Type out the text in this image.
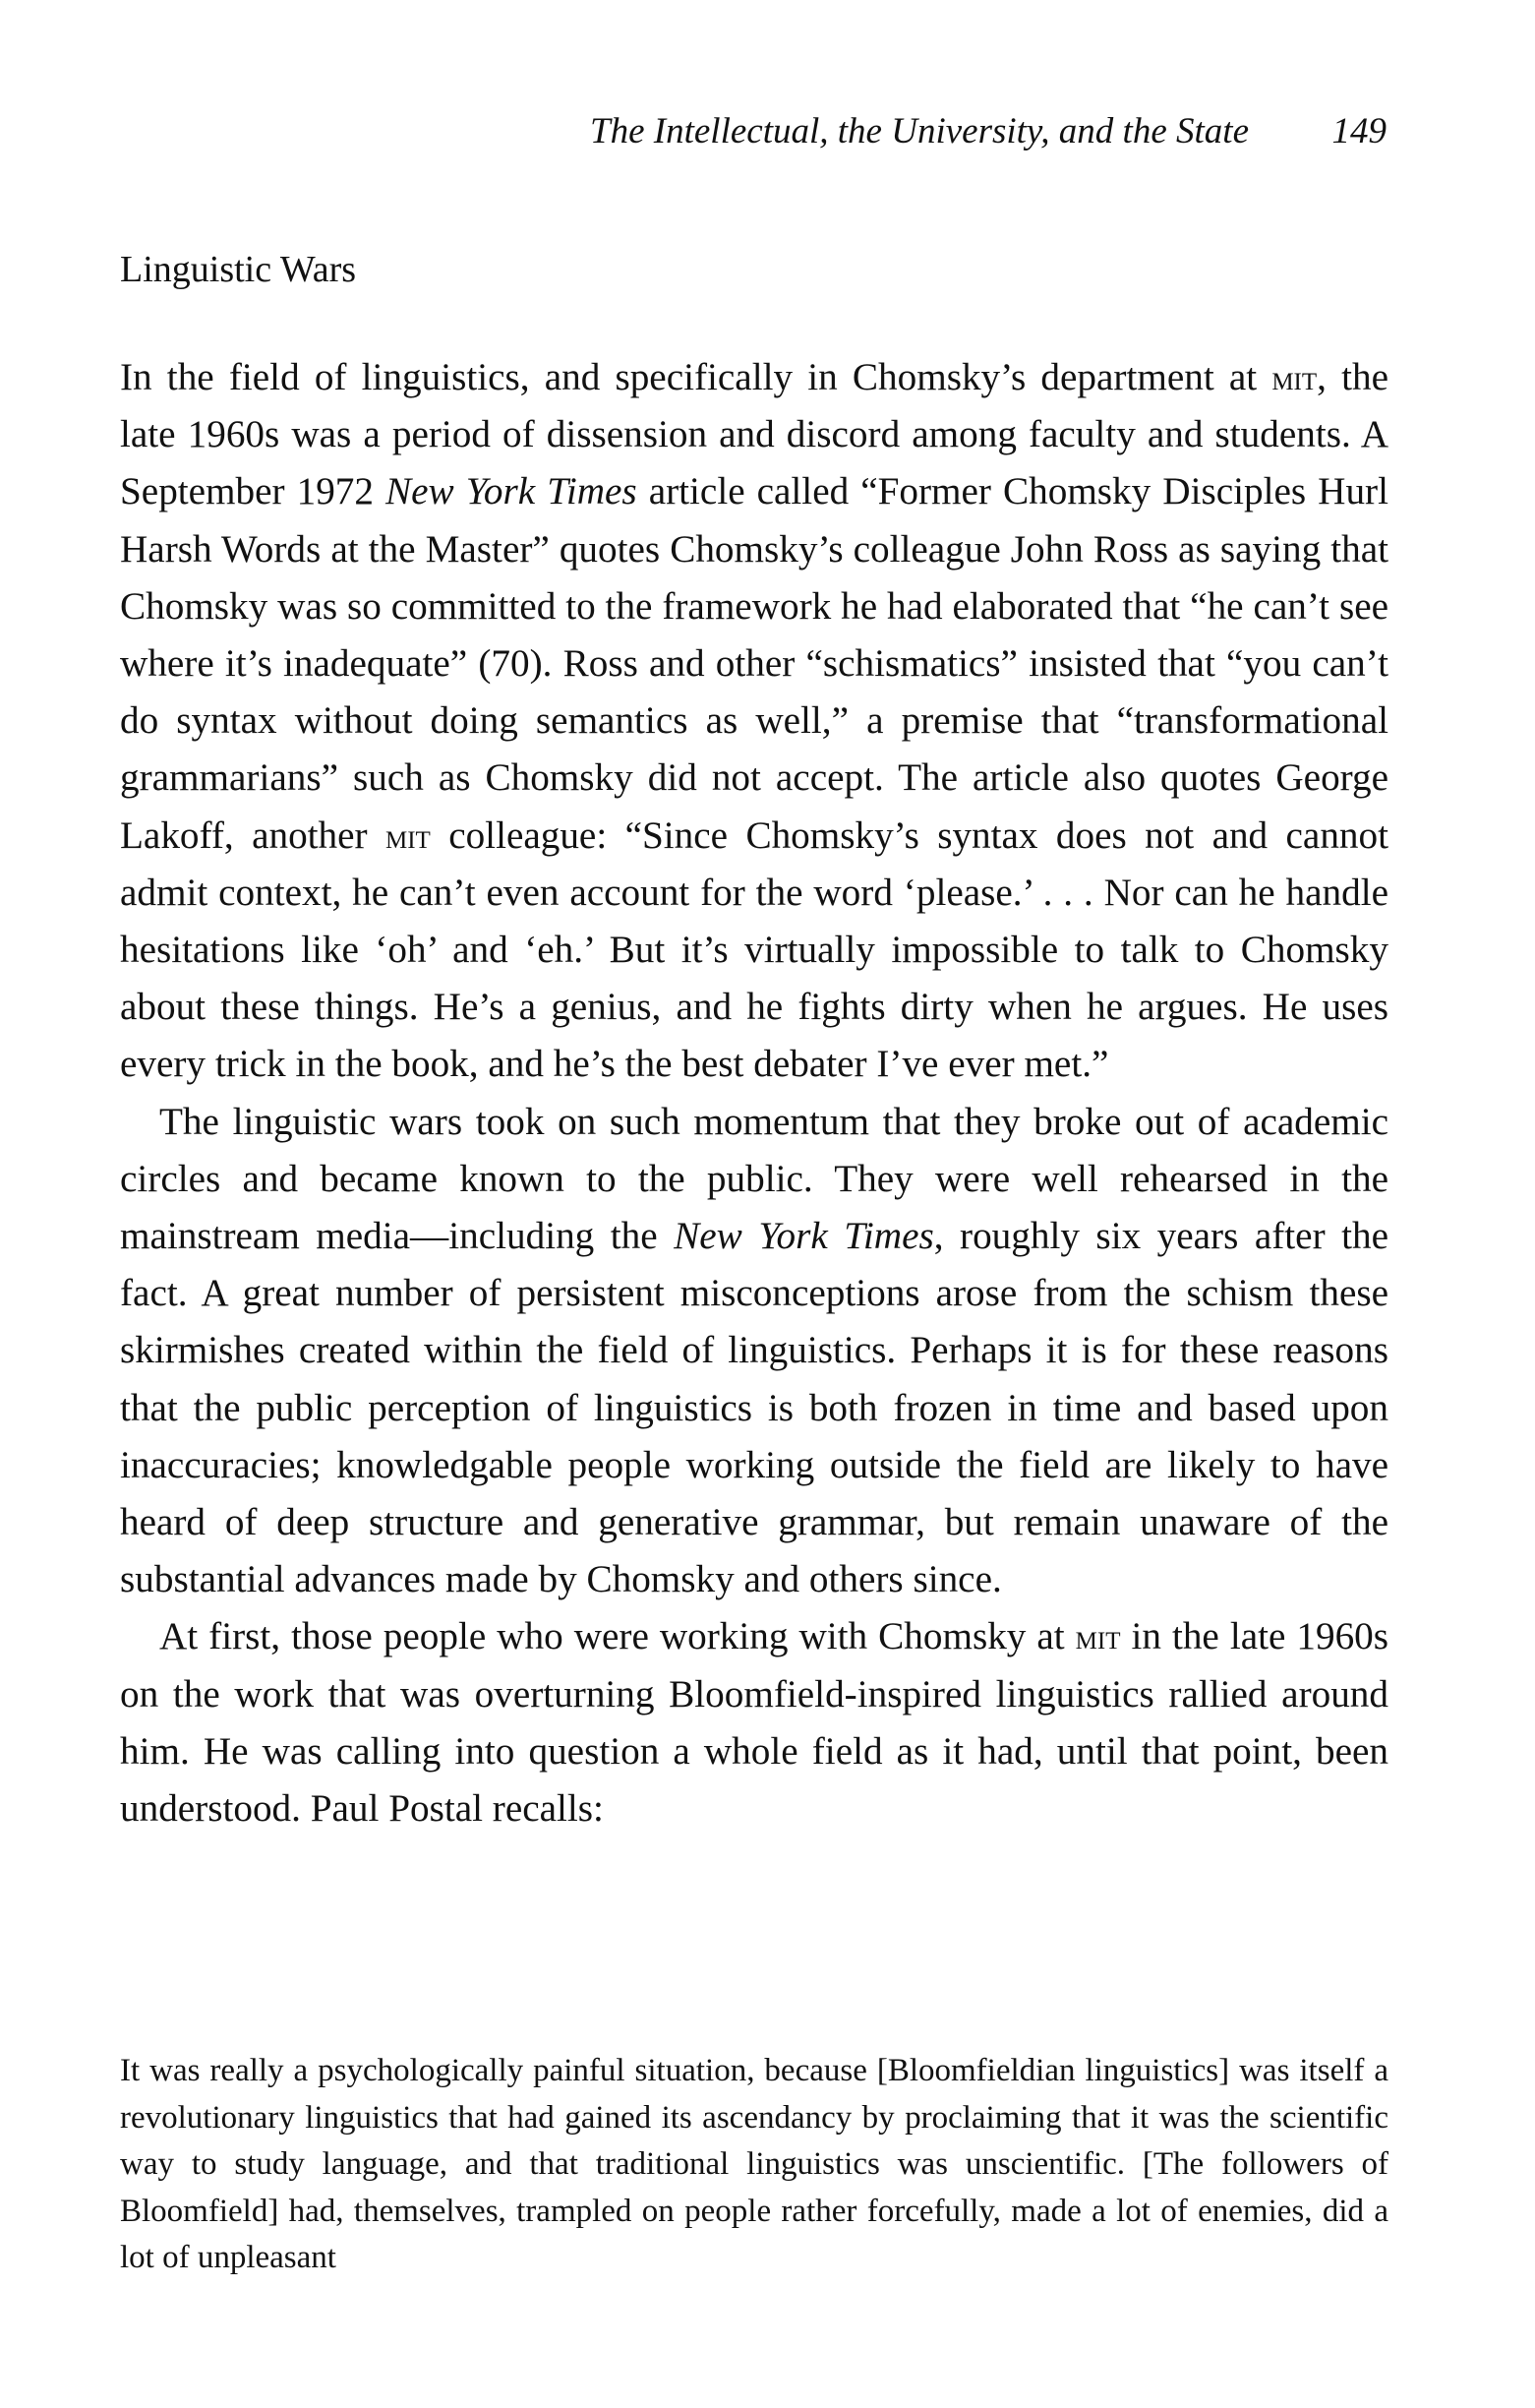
The Intellectual, the University, and the State 149
Linguistic Wars

In the field of linguistics, and specifically in Chomsky’s department at mit, the late 1960s was a period of dissension and discord among faculty and students. A September 1972 New York Times article called “Former Chomsky Disciples Hurl Harsh Words at the Master” quotes Chomsky’s colleague John Ross as saying that Chomsky was so committed to the framework he had elaborated that “he can’t see where it’s inadequate” (70). Ross and other “schismatics” insisted that “you can’t do syntax without doing semantics as well,” a premise that “transformational grammarians” such as Chomsky did not accept. The article also quotes George Lakoff, another mit colleague: “Since Chomsky’s syntax does not and cannot admit context, he can’t even account for the word ‘please.’ . . . Nor can he handle hesitations like ‘oh’ and ‘eh.’ But it’s virtually impossible to talk to Chomsky about these things. He’s a genius, and he fights dirty when he argues. He uses every trick in the book, and he’s the best debater I’ve ever met.”

The linguistic wars took on such momentum that they broke out of academic circles and became known to the public. They were well rehearsed in the mainstream media—including the New York Times, roughly six years after the fact. A great number of persistent misconceptions arose from the schism these skirmishes created within the field of linguistics. Perhaps it is for these reasons that the public perception of linguistics is both frozen in time and based upon inaccuracies; knowledgable people working outside the field are likely to have heard of deep structure and generative grammar, but remain unaware of the substantial advances made by Chomsky and others since.

At first, those people who were working with Chomsky at mit in the late 1960s on the work that was overturning Bloomfield-inspired linguistics rallied around him. He was calling into question a whole field as it had, until that point, been understood. Paul Postal recalls:

It was really a psychologically painful situation, because [Bloomfieldian linguistics] was itself a revolutionary linguistics that had gained its ascendancy by proclaiming that it was the scientific way to study language, and that traditional linguistics was unscientific. [The followers of Bloomfield] had, themselves, trampled on people rather forcefully, made a lot of enemies, did a lot of unpleasant
